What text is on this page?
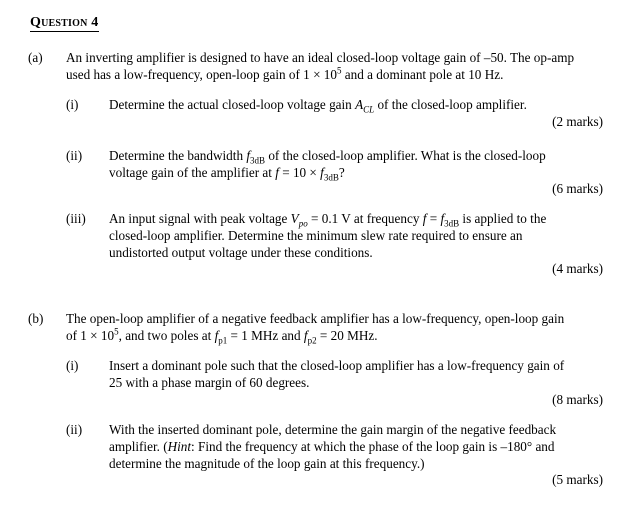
Question 4
(a) An inverting amplifier is designed to have an ideal closed-loop voltage gain of –50. The op-amp
used has a low-frequency, open-loop gain of $1 \times 10^5$ and a dominant pole at 10 Hz.
(i) Determine the actual closed-loop voltage gain $A_{CL}$ of the closed-loop amplifier.
(2 marks)
(ii) Determine the bandwidth $f_{3dB}$ of the closed-loop amplifier. What is the closed-loop
voltage gain of the amplifier at $f = 10 \times f_{3dB}$?
(6 marks)
(iii) An input signal with peak voltage $V_{po} = 0.1$ V at frequency $f = f_{3dB}$ is applied to the
closed-loop amplifier. Determine the minimum slew rate required to ensure an
undistorted output voltage under these conditions.
(4 marks)
(b) The open-loop amplifier of a negative feedback amplifier has a low-frequency, open-loop gain
of $1 \times 10^5$, and two poles at $f_{p1} = 1$ MHz and $f_{p2} = 20$ MHz.
(i) Insert a dominant pole such that the closed-loop amplifier has a low-frequency gain of
25 with a phase margin of 60 degrees.
(8 marks)
(ii) With the inserted dominant pole, determine the gain margin of the negative feedback
amplifier. (Hint: Find the frequency at which the phase of the loop gain is –180° and
determine the magnitude of the loop gain at this frequency.)
(5 marks)
